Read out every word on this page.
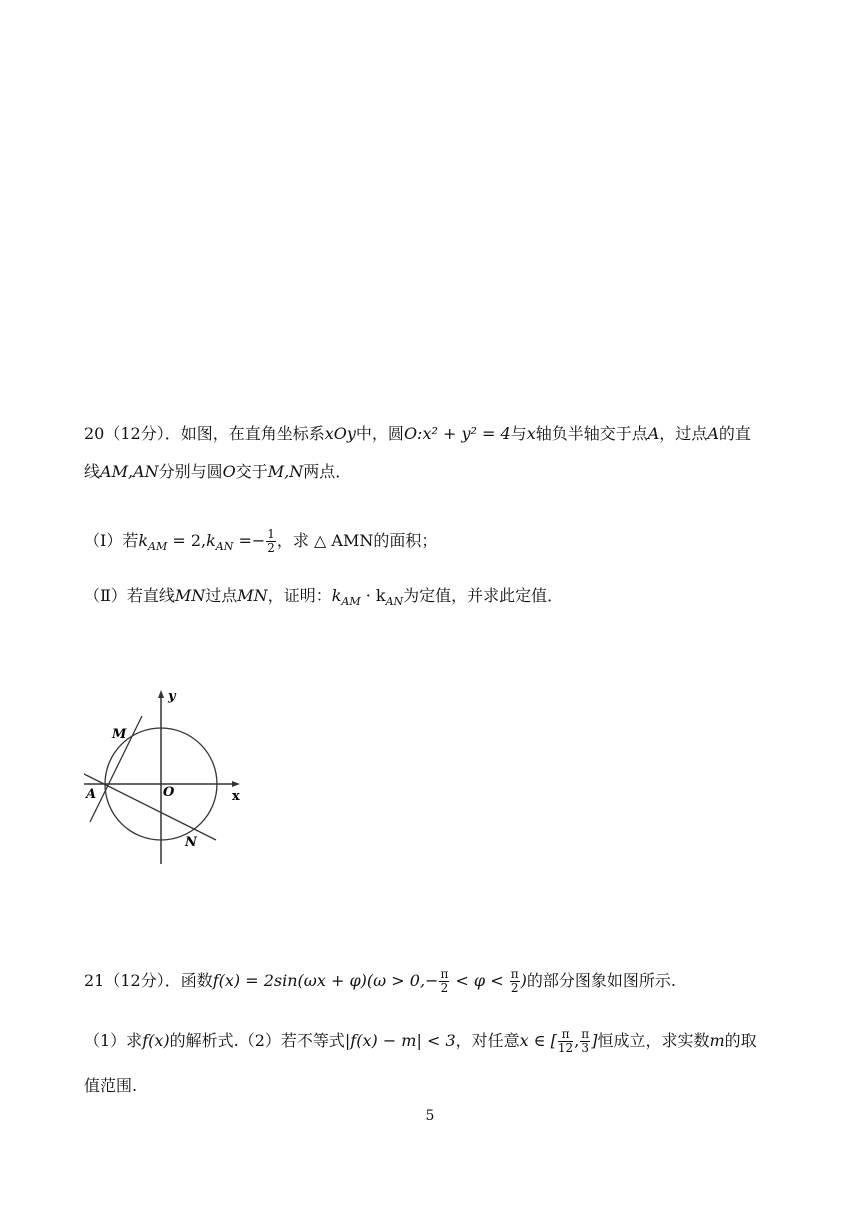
20（12分）．如图，在直角坐标系xOy中，圆O:x² + y² = 4与x轴负半轴交于点A，过点A的直
线AM,AN分别与圆O交于M,N两点．
（Ⅰ）若$k_{AM} = 2,k_{AN} =- \frac{1}{2}$ ，求 △ AMN的面积；
（Ⅱ）若直线MN过点MN，证明：$k_{AM} \cdot k_{AN}$为定值，并求此定值．
y
x
O
A
M
N
21（12分）．函数$f(x) = 2\sin(\omega x + \varphi)(\omega > 0,- \frac{\pi}{2} < \varphi < \frac{\pi}{2}$ )的部分图象如图所示.
（1）求f(x)的解析式.（2）若不等式|f(x) − m| < 3，对任意x ∈ [ $\frac{\pi}{12}$ , $\frac{\pi}{3}$ ]恒成立，求实数m的取
值范围.
5
